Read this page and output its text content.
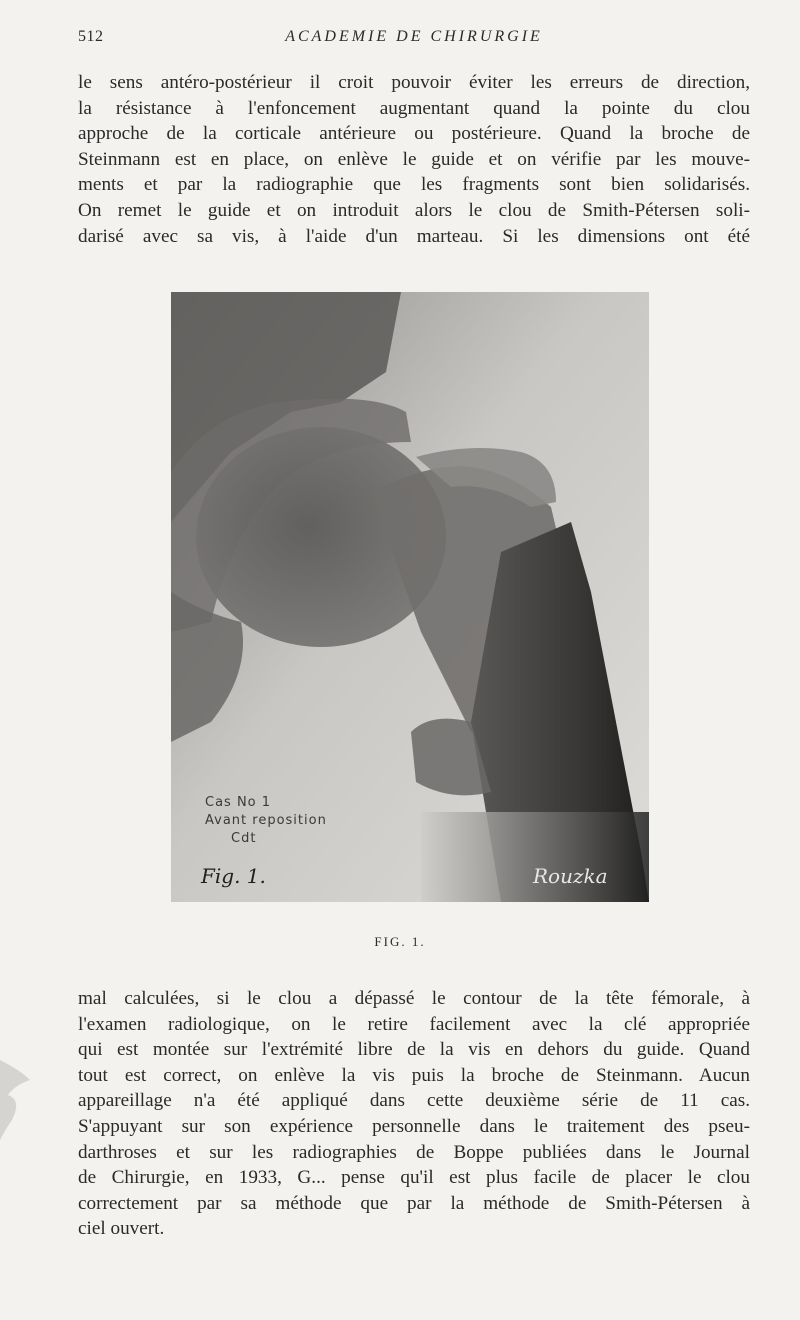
512	ACADEMIE DE CHIRURGIE
le sens antéro-postérieur il croit pouvoir éviter les erreurs de direction,
la résistance à l'enfoncement augmentant quand la pointe du clou
approche de la corticale antérieure ou postérieure. Quand la broche de
Steinmann est en place, on enlève le guide et on vérifie par les mouve-
ments et par la radiographie que les fragments sont bien solidarisés.
On remet le guide et on introduit alors le clou de Smith-Pétersen soli-
darisé avec sa vis, à l'aide d'un marteau. Si les dimensions ont été
Cas No 1
Avant reposition
Cdt
Fig. 1.	Rouzka
FIG. 1.
mal calculées, si le clou a dépassé le contour de la tête fémorale, à
l'examen radiologique, on le retire facilement avec la clé appropriée
qui est montée sur l'extrémité libre de la vis en dehors du guide. Quand
tout est correct, on enlève la vis puis la broche de Steinmann. Aucun
appareillage n'a été appliqué dans cette deuxième série de 11 cas.
S'appuyant sur son expérience personnelle dans le traitement des pseu-
darthroses et sur les radiographies de Boppe publiées dans le Journal
de Chirurgie, en 1933, G... pense qu'il est plus facile de placer le clou
correctement par sa méthode que par la méthode de Smith-Pétersen à
ciel ouvert.
